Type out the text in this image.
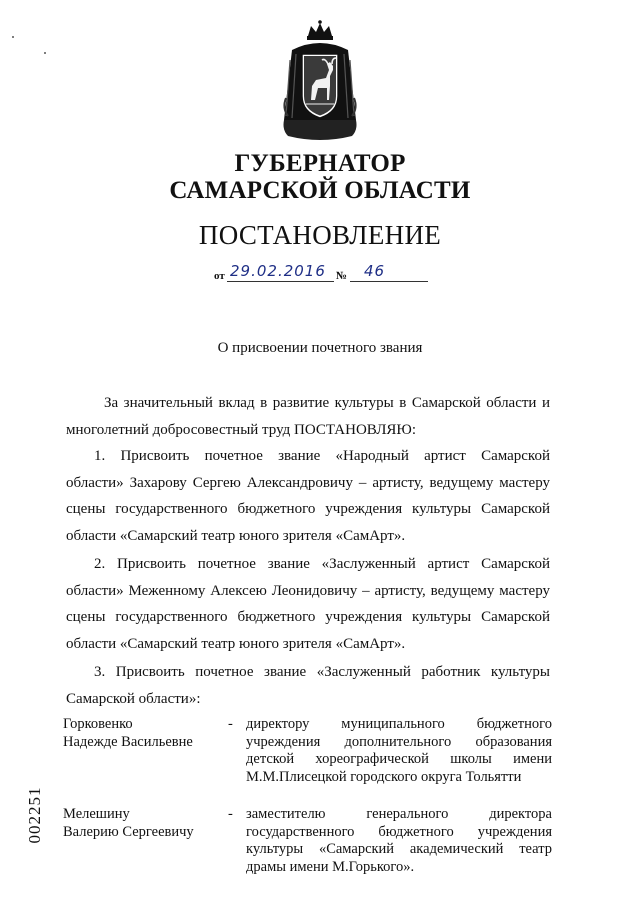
ГУБЕРНАТОР
САМАРСКОЙ ОБЛАСТИ
ПОСТАНОВЛЕНИЕ
от 29.02.2016 № 46
О присвоении почетного звания

За значительный вклад в развитие культуры в Самарской области и

многолетний добросовестный труд ПОСТАНОВЛЯЮ:

1. Присвоить почетное звание «Народный артист Самарской

области» Захарову Сергею Александровичу – артисту, ведущему мастеру

сцены государственного бюджетного учреждения культуры Самарской

области «Самарский театр юного зрителя «СамАрт».

2. Присвоить почетное звание «Заслуженный артист Самарской

области» Меженному Алексею Леонидовичу – артисту, ведущему мастеру

сцены государственного бюджетного учреждения культуры Самарской

области «Самарский театр юного зрителя «СамАрт».

3. Присвоить почетное звание «Заслуженный работник культуры

Самарской области»:

Горковенко
Надежде Васильевне
- директору муниципального бюджетного
учреждения дополнительного образования
детской хореографической школы имени
М.М.Плисецкой городского округа Тольятти
Мелешину
Валерию Сергеевичу
- заместителю генерального директора
государственного бюджетного учреждения
культуры «Самарский академический театр
драмы имени М.Горького».
002251
